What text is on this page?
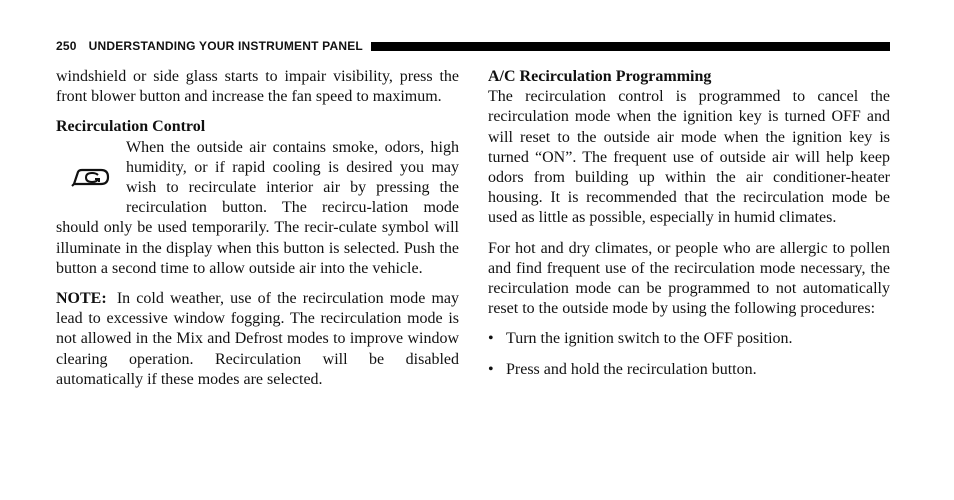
250 UNDERSTANDING YOUR INSTRUMENT PANEL

windshield or side glass starts to impair visibility, press the front blower button and increase the fan speed to maximum.

Recirculation Control

When the outside air contains smoke, odors, high humidity, or if rapid cooling is desired you may wish to recirculate interior air by pressing the recirculation button. The recircu-lation mode should only be used temporarily. The recir-culate symbol will illuminate in the display when this button is selected. Push the button a second time to allow outside air into the vehicle.

NOTE: In cold weather, use of the recirculation mode may lead to excessive window fogging. The recirculation mode is not allowed in the Mix and Defrost modes to improve window clearing operation. Recirculation will be disabled automatically if these modes are selected.

A/C Recirculation Programming

The recirculation control is programmed to cancel the recirculation mode when the ignition key is turned OFF and will reset to the outside air mode when the ignition key is turned “ON”. The frequent use of outside air will help keep odors from building up within the air conditioner-heater housing. It is recommended that the recirculation mode be used as little as possible, especially in humid climates.

For hot and dry climates, or people who are allergic to pollen and find frequent use of the recirculation mode necessary, the recirculation mode can be programmed to not automatically reset to the outside mode by using the following procedures:

• Turn the ignition switch to the OFF position.
• Press and hold the recirculation button.
